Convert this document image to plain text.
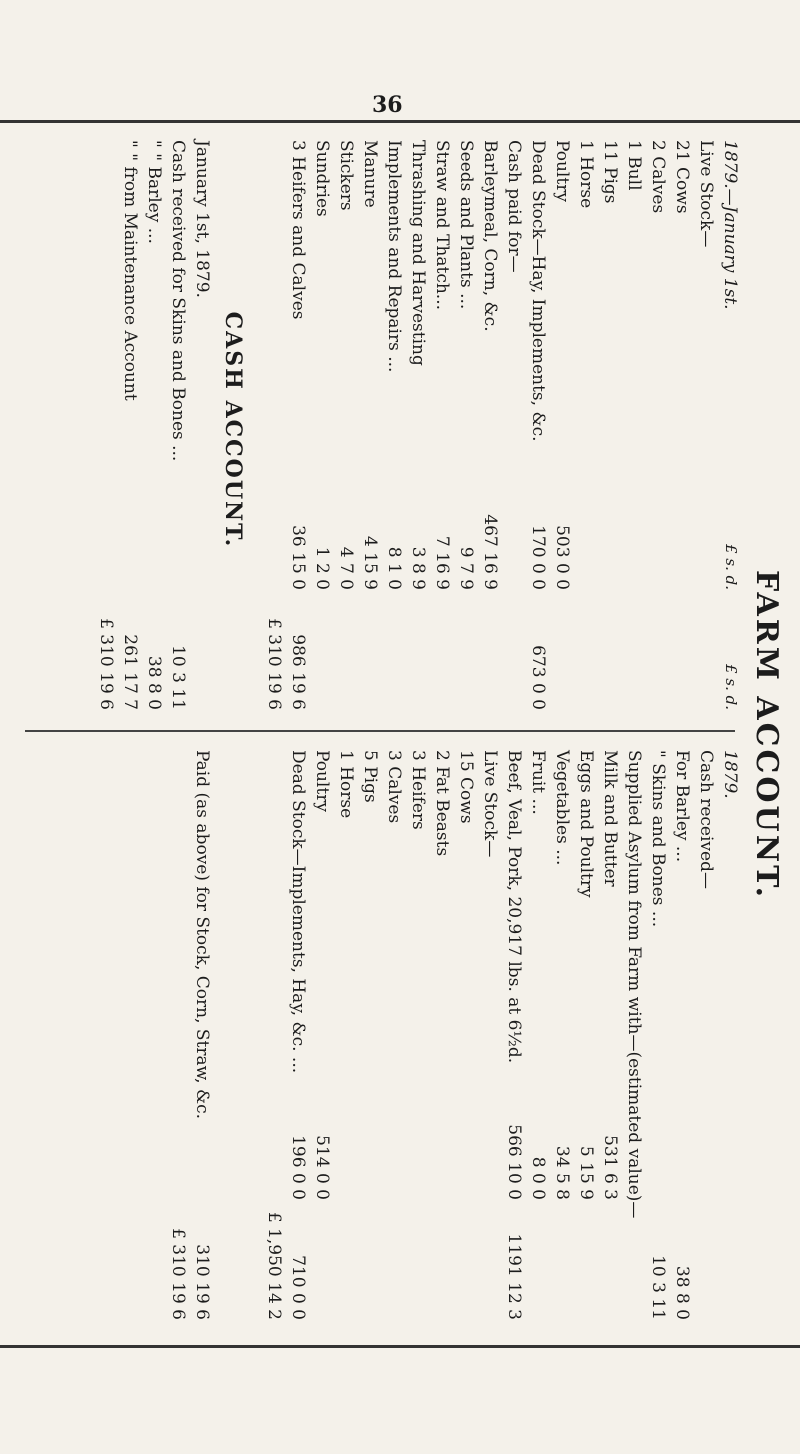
36
FARM ACCOUNT.
1879.—January 1st.
£ s. d.
£ s. d.
Live Stock—
21 Cows
2 Calves
1 Bull
11 Pigs
1 Horse
Poultry
503 0 0
Dead Stock—Hay, Implements, &c.
170 0 0
673 0 0
Cash paid for—
Barleymeal, Corn, &c.
467 16 9
Seeds and Plants ...
9 7 9
Straw and Thatch...
7 16 9
Thrashing and Harvesting
3 8 9
Implements and Repairs ...
8 1 0
Manure
4 15 9
Stickers
4 7 0
Sundries
1 2 0
3 Heifers and Calves
36 15 0
986 19 6
£ 310 19 6
CASH ACCOUNT.
January 1st, 1879.
Cash received for Skins and Bones ...
10 3 11
" " Barley ...
38 8 0
" " from Maintenance Account
261 17 7
£ 310 19 6
1879.
Cash received—
For Barley ...
38 8 0
" Skins and Bones ...
10 3 11
Supplied Asylum from Farm with—(estimated value)—
Milk and Butter
531 6 3
Eggs and Poultry
5 15 9
Vegetables ...
34 5 8
Fruit ...
8 0 0
Beef, Veal, Pork, 20,917 lbs. at 6½d.
566 10 0
1191 12 3
Live Stock—
15 Cows
2 Fat Beasts
3 Heifers
3 Calves
5 Pigs
1 Horse
Poultry
514 0 0
Dead Stock—Implements, Hay, &c. ...
196 0 0
710 0 0
£ 1,950 14 2
Paid (as above) for Stock, Corn, Straw, &c.
310 19 6
£ 310 19 6
